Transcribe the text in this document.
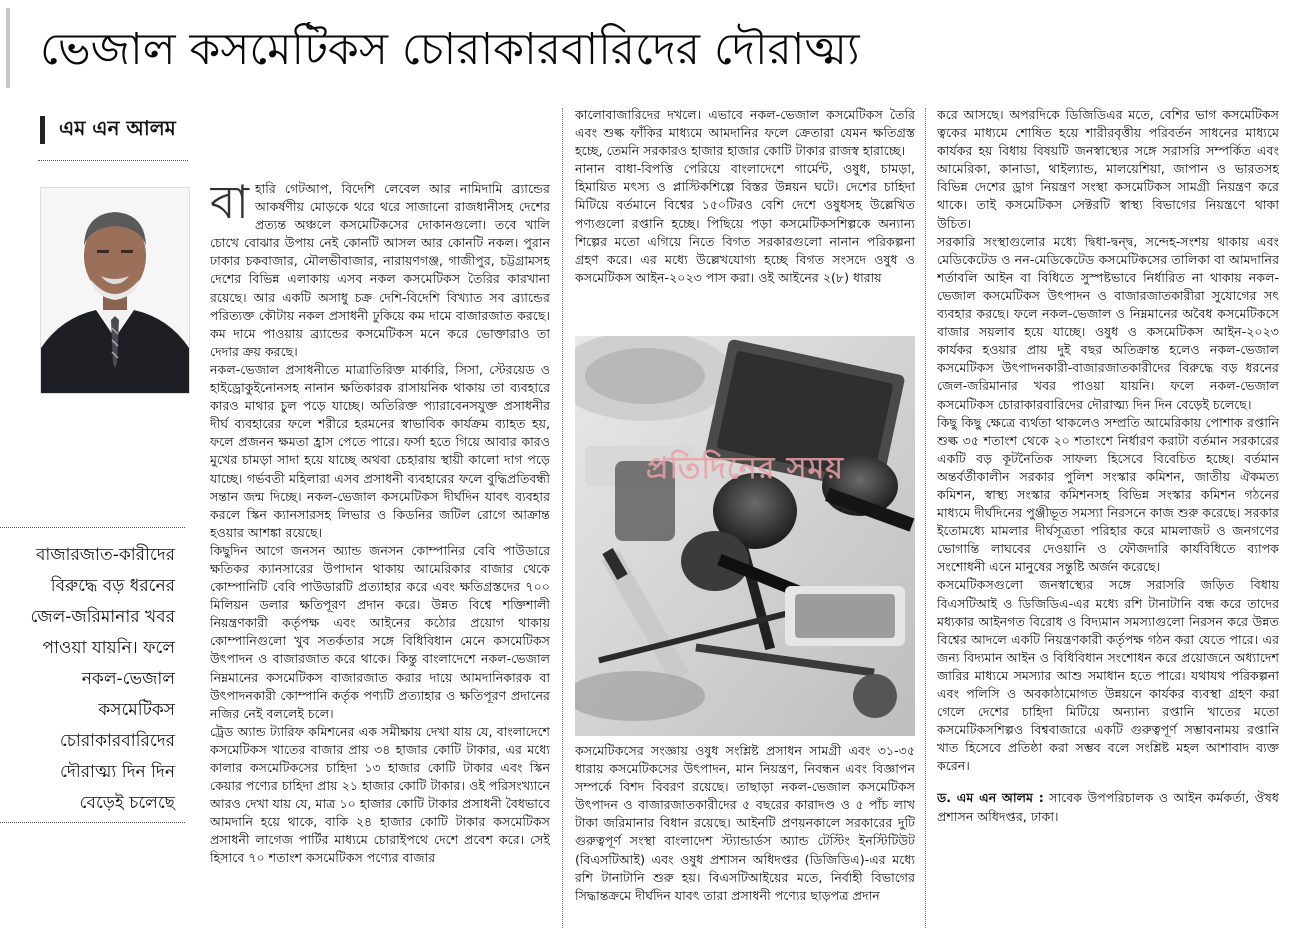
ভেজাল কসমেটিকস চোরাকারবারিদের দৌরাত্ম্য
এম এন আলম
বাজারজাত-কারীদের বিরুদ্ধে বড় ধরনের জেল-জরিমানার খবর পাওয়া যায়নি। ফলে নকল-ভেজাল কসমেটিকস চোরাকারবারিদের দৌরাত্ম্য দিন দিন বেড়েই চলেছে
বা হারি গেটআপ, বিদেশি লেবেল আর নামিদামি ব্র্যান্ডের আকর্ষণীয় মোড়কে থরে থরে সাজানো রাজধানীসহ দেশের প্রত্যন্ত অঞ্চলে কসমেটিকসের দোকানগুলো। তবে খালি চোখে বোঝার উপায় নেই কোনটি আসল আর কোনটি নকল। পুরান ঢাকার চকবাজার, মৌলভীবাজার, নারায়ণগঞ্জ, গাজীপুর, চট্টগ্রামসহ দেশের বিভিন্ন এলাকায় এসব নকল কসমেটিকস তৈরির কারখানা রয়েছে। আর একটি অসাধু চক্র দেশি-বিদেশি বিখ্যাত সব ব্র্যান্ডের পরিত্যক্ত কৌটায় নকল প্রসাধনী ঢুকিয়ে কম দামে বাজারজাত করছে। কম দামে পাওয়ায় ব্র্যান্ডের কসমেটিকস মনে করে ভোক্তারাও তা দেদার ক্রয় করছে।

নকল-ভেজাল প্রসাধনীতে মাত্রাতিরিক্ত মার্কারি, সিসা, স্টেরয়েড ও হাইড্রোকুইনোনসহ নানান ক্ষতিকারক রাসায়নিক থাকায় তা ব্যবহারে কারও মাথার চুল পড়ে যাচ্ছে। অতিরিক্ত প্যারাবেনসযুক্ত প্রসাধনীর দীর্ঘ ব্যবহারের ফলে শরীরে হরমনের স্বাভাবিক কার্যক্রম ব্যাহত হয়, ফলে প্রজনন ক্ষমতা হ্রাস পেতে পারে। ফর্সা হতে গিয়ে আবার কারও মুখের চামড়া সাদা হয়ে যাচ্ছে অথবা চেহারায় স্থায়ী কালো দাগ পড়ে যাচ্ছে। গর্ভবতী মহিলারা এসব প্রসাধনী ব্যবহারের ফলে বুদ্ধিপ্রতিবন্ধী সন্তান জন্ম দিচ্ছে। নকল-ভেজাল কসমেটিকস দীর্ঘদিন যাবৎ ব্যবহার করলে স্কিন ক্যানসারসহ লিভার ও কিডনির জটিল রোগে আক্রান্ত হওয়ার আশঙ্কা রয়েছে।

কিছুদিন আগে জনসন অ্যান্ড জনসন কোম্পানির বেবি পাউডারে ক্ষতিকর ক্যানসারের উপাদান থাকায় আমেরিকার বাজার থেকে কোম্পানিটি বেবি পাউডারটি প্রত্যাহার করে এবং ক্ষতিগ্রস্তদের ৭০০ মিলিয়ন ডলার ক্ষতিপূরণ প্রদান করে। উন্নত বিশ্বে শক্তিশালী নিয়ন্ত্রণকারী কর্তৃপক্ষ এবং আইনের কঠোর প্রয়োগ থাকায় কোম্পানিগুলো খুব সতর্কতার সঙ্গে বিধিবিধান মেনে কসমেটিকস উৎপাদন ও বাজারজাত করে থাকে। কিন্তু বাংলাদেশে নকল-ভেজাল নিম্নমানের কসমেটিকস বাজারজাত করার দায়ে আমদানিকারক বা উৎপাদনকারী কোম্পানি কর্তৃক পণ্যটি প্রত্যাহার ও ক্ষতিপূরণ প্রদানের নজির নেই বললেই চলে।

ট্রেড অ্যান্ড ট্যারিফ কমিশনের এক সমীক্ষায় দেখা যায় যে, বাংলাদেশে কসমেটিকস খাতের বাজার প্রায় ৩৪ হাজার কোটি টাকার, এর মধ্যে কালার কসমেটিকসের চাহিদা ১৩ হাজার কোটি টাকার এবং স্কিন কেয়ার পণ্যের চাহিদা প্রায় ২১ হাজার কোটি টাকার। ওই পরিসংখ্যানে আরও দেখা যায় যে, মাত্র ১০ হাজার কোটি টাকার প্রসাধনী বৈধভাবে আমদানি হয়ে থাকে, বাকি ২৪ হাজার কোটি টাকার কসমেটিকস প্রসাধনী লাগেজ পার্টির মাধ্যমে চোরাইপথে দেশে প্রবেশ করে। সেই হিসাবে ৭০ শতাংশ কসমেটিকস পণ্যের বাজার

কালোবাজারিদের দখলে। এভাবে নকল-ভেজাল কসমেটিকস তৈরি এবং শুল্ক ফাঁকির মাধ্যমে আমদানির ফলে ক্রেতারা যেমন ক্ষতিগ্রস্ত হচ্ছে, তেমনি সরকারও হাজার হাজার কোটি টাকার রাজস্ব হারাচ্ছে।

নানান বাধা-বিপত্তি পেরিয়ে বাংলাদেশে গার্মেন্ট, ওষুধ, চামড়া, হিমায়িত মৎস্য ও প্লাস্টিকশিল্পে বিস্তর উন্নয়ন ঘটে। দেশের চাহিদা মিটিয়ে বর্তমানে বিশ্বের ১৫০টিরও বেশি দেশে ওষুধসহ উল্লেখিত পণ্যগুলো রপ্তানি হচ্ছে। পিছিয়ে পড়া কসমেটিকসশিল্পকে অন্যান্য শিল্পের মতো এগিয়ে নিতে বিগত সরকারগুলো নানান পরিকল্পনা গ্রহণ করে। এর মধ্যে উল্লেখযোগ্য হচ্ছে বিগত সংসদে ওষুধ ও কসমেটিকস আইন-২০২৩ পাস করা। ওই আইনের ২(৮) ধারায়

প্রতিদিনের সময়

কসমেটিকসের সংজ্ঞায় ওষুধ সংশ্লিষ্ট প্রসাধন সামগ্রী এবং ৩১-৩৫ ধারায় কসমেটিকসের উৎপাদন, মান নিয়ন্ত্রণ, নিবন্ধন এবং বিজ্ঞাপন সম্পর্কে বিশদ বিবরণ রয়েছে। তাছাড়া নকল-ভেজাল কসমেটিকস উৎপাদন ও বাজারজাতকারীদের ৫ বছরের কারাদণ্ড ও ৫ পাঁচ লাখ টাকা জরিমানার বিধান রয়েছে। আইনটি প্রণয়নকালে সরকারের দুটি গুরুত্বপূর্ণ সংস্থা বাংলাদেশ স্ট্যান্ডার্ডস অ্যান্ড টেস্টিং ইনস্টিটিউট (বিএসটিআই) এবং ওষুধ প্রশাসন অধিদপ্তর (ডিজিডিএ)-এর মধ্যে রশি টানাটানি শুরু হয়। বিএসটিআইয়ের মতে, নির্বাহী বিভাগের সিদ্ধান্তক্রমে দীর্ঘদিন যাবৎ তারা প্রসাধনী পণ্যের ছাড়পত্র প্রদান

করে আসছে। অপরদিকে ডিজিডিএর মতে, বেশির ভাগ কসমেটিকস ত্বকের মাধ্যমে শোষিত হয়ে শারীরবৃত্তীয় পরিবর্তন সাধনের মাধ্যমে কার্যকর হয় বিধায় বিষয়টি জনস্বাস্থ্যের সঙ্গে সরাসরি সম্পর্কিত এবং আমেরিকা, কানাডা, থাইল্যান্ড, মালয়েশিয়া, জাপান ও ভারতসহ বিভিন্ন দেশের ড্রাগ নিয়ন্ত্রণ সংস্থা কসমেটিকস সামগ্রী নিয়ন্ত্রণ করে থাকে। তাই কসমেটিকস সেক্টরটি স্বাস্থ্য বিভাগের নিয়ন্ত্রণে থাকা উচিত।

সরকারি সংস্থাগুলোর মধ্যে দ্বিধা-দ্বন্দ্ব, সন্দেহ-সংশয় থাকায় এবং মেডিকেটেড ও নন-মেডিকেটেড কসমেটিকসের তালিকা বা আমদানির শর্তাবলি আইন বা বিধিতে সুস্পষ্টভাবে নির্ধারিত না থাকায় নকল-ভেজাল কসমেটিকস উৎপাদন ও বাজারজাতকারীরা সুযোগের সৎ ব্যবহার করছে। ফলে নকল-ভেজাল ও নিম্নমানের অবৈধ কসমেটিকসে বাজার সয়লাব হয়ে যাচ্ছে। ওষুধ ও কসমেটিকস আইন-২০২৩ কার্যকর হওয়ার প্রায় দুই বছর অতিক্রান্ত হলেও নকল-ভেজাল কসমেটিকস উৎপাদনকারী-বাজারজাতকারীদের বিরুদ্ধে বড় ধরনের জেল-জরিমানার খবর পাওয়া যায়নি। ফলে নকল-ভেজাল কসমেটিকস চোরাকারবারিদের দৌরাত্ম্য দিন দিন বেড়েই চলেছে।

কিছু কিছু ক্ষেত্রে ব্যর্থতা থাকলেও সম্প্রতি আমেরিকায় পোশাক রপ্তানি শুল্ক ৩৫ শতাংশ থেকে ২০ শতাংশে নির্ধারণ করাটা বর্তমান সরকারের একটি বড় কূটনৈতিক সাফল্য হিসেবে বিবেচিত হচ্ছে। বর্তমান অন্তর্বর্তীকালীন সরকার পুলিশ সংস্কার কমিশন, জাতীয় ঐকমত্য কমিশন, স্বাস্থ্য সংস্কার কমিশনসহ বিভিন্ন সংস্কার কমিশন গঠনের মাধ্যমে দীর্ঘদিনের পুঞ্জীভূত সমস্যা নিরসনে কাজ শুরু করেছে। সরকার ইতোমধ্যে মামলার দীর্ঘসূত্রতা পরিহার করে মামলাজট ও জনগণের ভোগান্তি লাঘবের দেওয়ানি ও ফৌজদারি কার্যবিধিতে ব্যাপক সংশোধনী এনে মানুষের সন্তুষ্টি অর্জন করেছে।

কসমেটিকসগুলো জনস্বাস্থ্যের সঙ্গে সরাসরি জড়িত বিধায় বিএসটিআই ও ডিজিডিএ-এর মধ্যে রশি টানাটানি বন্ধ করে তাদের মধ্যকার আইনগত বিরোধ ও বিদ্যমান সমস্যাগুলো নিরসন করে উন্নত বিশ্বের আদলে একটি নিয়ন্ত্রণকারী কর্তৃপক্ষ গঠন করা যেতে পারে। এর জন্য বিদ্যমান আইন ও বিধিবিধান সংশোধন করে প্রয়োজনে অধ্যাদেশ জারির মাধ্যমে সমস্যার আশু সমাধান হতে পারে। যথাযথ পরিকল্পনা এবং পলিসি ও অবকাঠামোগত উন্নয়নে কার্যকর ব্যবস্থা গ্রহণ করা গেলে দেশের চাহিদা মিটিয়ে অন্যান্য রপ্তানি খাতের মতো কসমেটিকসশিল্পও বিশ্ববাজারে একটি গুরুত্বপূর্ণ সম্ভাবনাময় রপ্তানি খাত হিসেবে প্রতিষ্ঠা করা সম্ভব বলে সংশ্লিষ্ট মহল আশাবাদ ব্যক্ত করেন।

ড. এম এন আলম : সাবেক উপপরিচালক ও আইন কর্মকর্তা, ঔষধ প্রশাসন অধিদপ্তর, ঢাকা।
